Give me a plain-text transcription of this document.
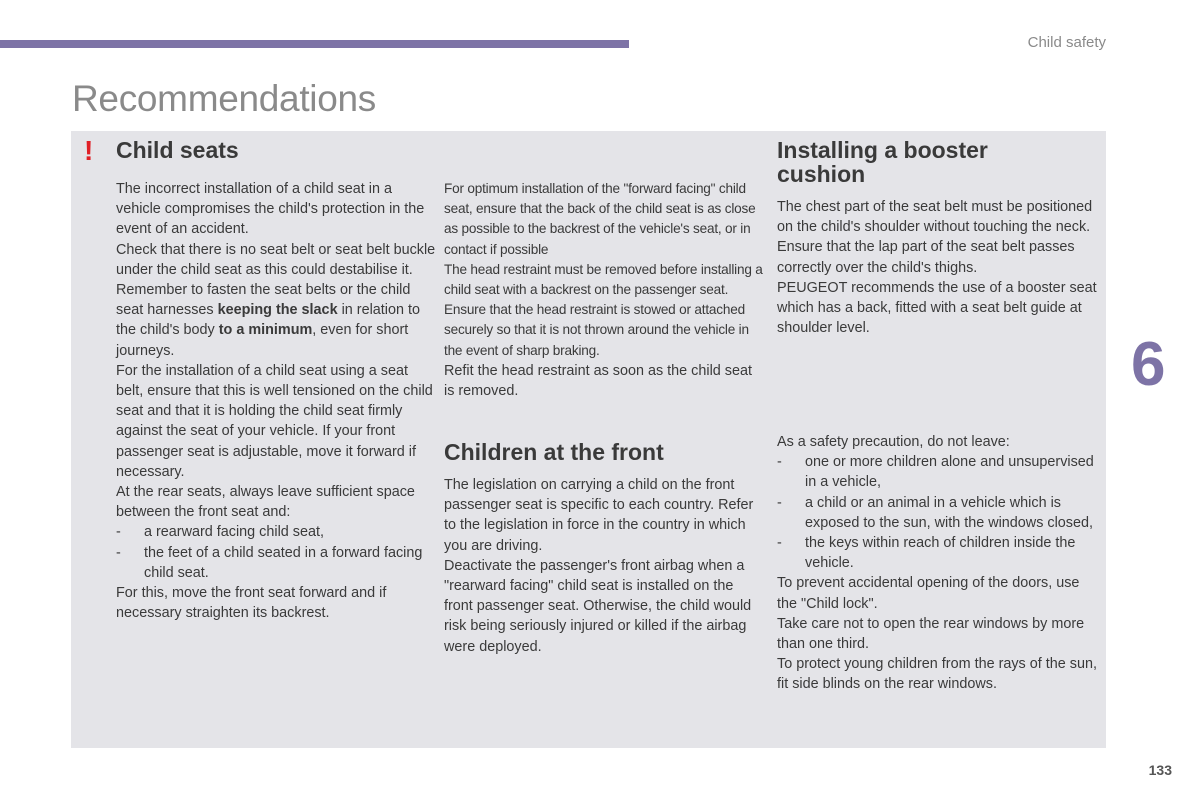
Child safety
Recommendations
! Child seats

The incorrect installation of a child seat in a vehicle compromises the child's protection in the event of an accident.

Check that there is no seat belt or seat belt buckle under the child seat as this could destabilise it.

Remember to fasten the seat belts or the child seat harnesses keeping the slack in relation to the child's body to a minimum, even for short journeys.

For the installation of a child seat using a seat belt, ensure that this is well tensioned on the child seat and that it is holding the child seat firmly against the seat of your vehicle. If your front passenger seat is adjustable, move it forward if necessary.

At the rear seats, always leave sufficient space between the front seat and:

- a rearward facing child seat,
- the feet of a child seated in a forward facing child seat.

For this, move the front seat forward and if necessary straighten its backrest.

For optimum installation of the "forward facing" child seat, ensure that the back of the child seat is as close as possible to the backrest of the vehicle's seat, or in contact if possible

The head restraint must be removed before installing a child seat with a backrest on the passenger seat.

Ensure that the head restraint is stowed or attached securely so that it is not thrown around the vehicle in the event of sharp braking.

Refit the head restraint as soon as the child seat is removed.

Children at the front

The legislation on carrying a child on the front passenger seat is specific to each country. Refer to the legislation in force in the country in which you are driving.

Deactivate the passenger's front airbag when a "rearward facing" child seat is installed on the front passenger seat. Otherwise, the child would risk being seriously injured or killed if the airbag were deployed.

Installing a booster cushion

The chest part of the seat belt must be positioned on the child's shoulder without touching the neck.

Ensure that the lap part of the seat belt passes correctly over the child's thighs.

PEUGEOT recommends the use of a booster seat which has a back, fitted with a seat belt guide at shoulder level.

As a safety precaution, do not leave:

- one or more children alone and unsupervised in a vehicle,
- a child or an animal in a vehicle which is exposed to the sun, with the windows closed,
- the keys within reach of children inside the vehicle.

To prevent accidental opening of the doors, use the "Child lock".

Take care not to open the rear windows by more than one third.

To protect young children from the rays of the sun, fit side blinds on the rear windows.

6
133
